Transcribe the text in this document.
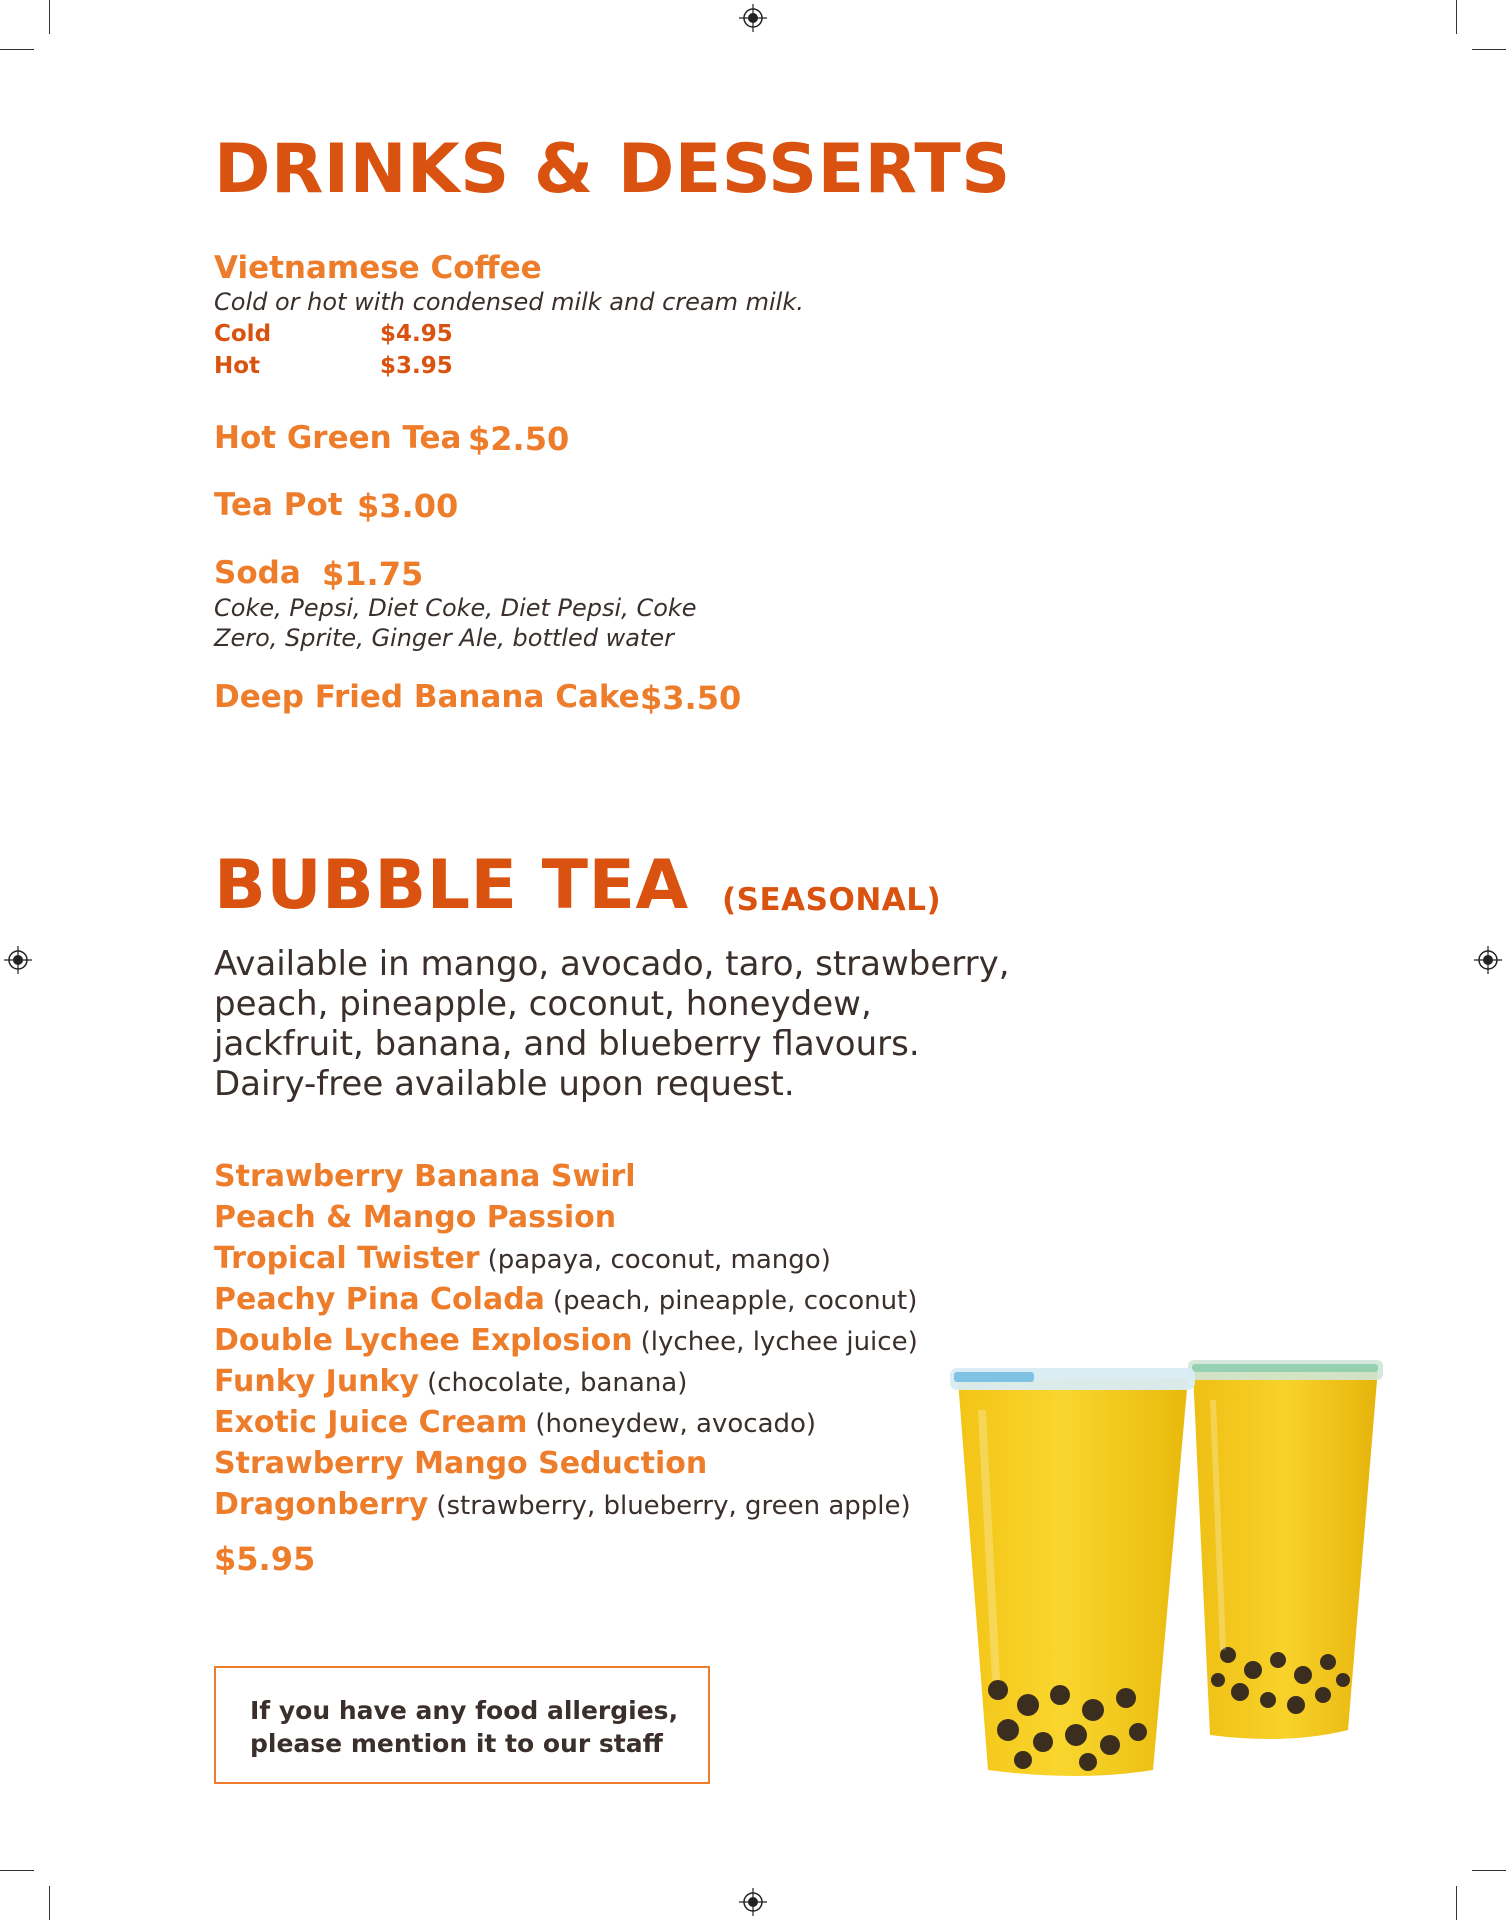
DRINKS & DESSERTS
Vietnamese Coffee
Cold or hot with condensed milk and cream milk.
Cold	$4.95
Hot	$3.95
Hot Green Tea $2.50
Tea Pot $3.00
Soda $1.75
Coke, Pepsi, Diet Coke, Diet Pepsi, Coke
Zero, Sprite, Ginger Ale, bottled water
Deep Fried Banana Cake $3.50
BUBBLE TEA (SEASONAL)
Available in mango, avocado, taro, strawberry,
peach, pineapple, coconut, honeydew,
jackfruit, banana, and blueberry flavours.
Dairy-free available upon request.
Strawberry Banana Swirl
Peach & Mango Passion
Tropical Twister (papaya, coconut, mango)
Peachy Pina Colada (peach, pineapple, coconut)
Double Lychee Explosion (lychee, lychee juice)
Funky Junky (chocolate, banana)
Exotic Juice Cream (honeydew, avocado)
Strawberry Mango Seduction
Dragonberry (strawberry, blueberry, green apple)
$5.95
If you have any food allergies,
please mention it to our staff
